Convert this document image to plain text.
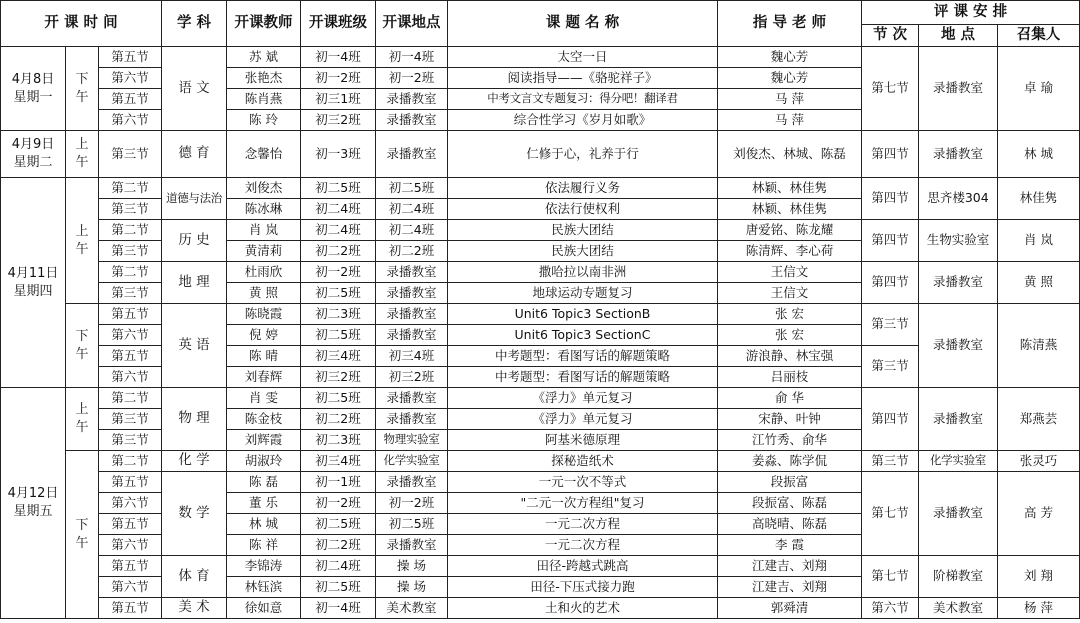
开 课 时 间			学 科	开课教师	开课班级	开课地点	课 题 名 称	指 导 老 师	评 课 安 排		
									节 次	地 点	召集人

4月8日
星期一	下午	第五节	语 文	苏 斌	初一4班	初一4班	太空一日	魏心芳	第七节	录播教室	卓 瑜
		第六节		张艳杰	初一2班	初一2班	阅读指导——《骆驼祥子》	魏心芳			
		第五节		陈肖燕	初三1班	录播教室	中考文言文专题复习：得分吧！翻译君	马 萍			
		第六节		陈 玲	初三2班	录播教室	综合性学习《岁月如歌》	马 萍			

4月9日
星期二	上午	第三节	德 育	念馨怡	初一3班	录播教室	仁修于心，礼养于行	刘俊杰、林城、陈磊	第四节	录播教室	林 城

4月11日
星期四	上午	第二节	道德与法治	刘俊杰	初二5班	初二5班	依法履行义务	林颖、林佳隽	第四节	思齐楼304	林佳隽
		第三节		陈冰琳	初二4班	初二4班	依法行使权利	林颖、林佳隽			
		第二节	历 史	肖 岚	初二4班	初二4班	民族大团结	唐爱铭、陈龙耀	第四节	生物实验室	肖 岚
		第三节		黄清莉	初二2班	初二2班	民族大团结	陈清辉、李心荷			
		第二节	地 理	杜雨欣	初一2班	录播教室	撒哈拉以南非洲	王信文	第四节	录播教室	黄 照
		第三节		黄 照	初二5班	录播教室	地球运动专题复习	王信文			
	下午	第五节	英 语	陈晓霞	初二3班	录播教室	Unit6 Topic3 SectionB	张 宏	第三节	录播教室	陈清燕
		第六节		倪 婷	初二5班	录播教室	Unit6 Topic3 SectionC	张 宏			
		第五节		陈 晴	初三4班	初三4班	中考题型：看图写话的解题策略	游浪静、林宝强	第三节		
		第六节		刘春辉	初三2班	初三2班	中考题型：看图写话的解题策略	吕丽枝			

4月12日
星期五	上午	第二节	物 理	肖 雯	初二5班	录播教室	《浮力》单元复习	俞 华	第四节	录播教室	郑燕芸
		第三节		陈金枝	初二2班	录播教室	《浮力》单元复习	宋静、叶钟			
		第三节		刘辉霞	初二3班	物理实验室	阿基米德原理	江竹秀、俞华			
	下午	第二节	化 学	胡淑玲	初三4班	化学实验室	探秘造纸术	姜淼、陈学侃	第三节	化学实验室	张灵巧
		第五节	数 学	陈 磊	初一1班	录播教室	一元一次不等式	段振富	第七节	录播教室	高 芳
		第六节		董 乐	初一2班	初一2班	"二元一次方程组"复习	段振富、陈磊			
		第五节		林 城	初二5班	初二5班	一元二次方程	高晓晴、陈磊			
		第六节		陈 祥	初二2班	录播教室	一元二次方程	李 霞			
		第五节	体 育	李锦涛	初二4班	操 场	田径-跨越式跳高	江建吉、刘翔	第七节	阶梯教室	刘 翔
		第六节		林钰滨	初二5班	操 场	田径-下压式接力跑	江建吉、刘翔			
		第五节	美 术	徐如意	初一4班	美术教室	土和火的艺术	郭舜清	第六节	美术教室	杨 萍
